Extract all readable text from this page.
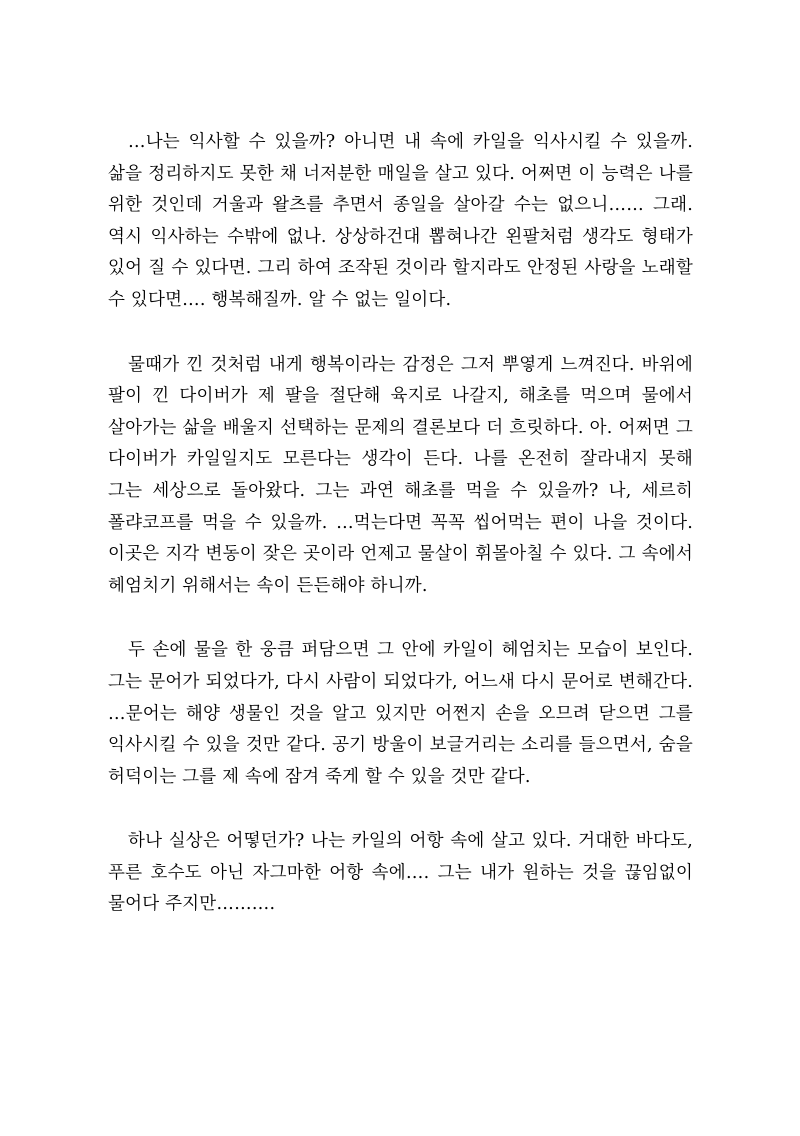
…나는 익사할 수 있을까? 아니면 내 속에 카일을 익사시킬 수 있을까. 삶을 정리하지도 못한 채 너저분한 매일을 살고 있다. 어쩌면 이 능력은 나를 위한 것인데 거울과 왈츠를 추면서 종일을 살아갈 수는 없으니…… 그래. 역시 익사하는 수밖에 없나. 상상하건대 뽑혀나간 왼팔처럼 생각도 형태가 있어 질 수 있다면. 그리 하여 조작된 것이라 할지라도 안정된 사랑을 노래할 수 있다면…. 행복해질까. 알 수 없는 일이다.

물때가 낀 것처럼 내게 행복이라는 감정은 그저 뿌옇게 느껴진다. 바위에 팔이 낀 다이버가 제 팔을 절단해 육지로 나갈지, 해초를 먹으며 물에서 살아가는 삶을 배울지 선택하는 문제의 결론보다 더 흐릿하다. 아. 어쩌면 그 다이버가 카일일지도 모른다는 생각이 든다. 나를 온전히 잘라내지 못해 그는 세상으로 돌아왔다. 그는 과연 해초를 먹을 수 있을까? 나, 세르히 폴랴코프를 먹을 수 있을까. …먹는다면 꼭꼭 씹어먹는 편이 나을 것이다. 이곳은 지각 변동이 잦은 곳이라 언제고 물살이 휘몰아칠 수 있다. 그 속에서 헤엄치기 위해서는 속이 든든해야 하니까.

두 손에 물을 한 웅큼 퍼담으면 그 안에 카일이 헤엄치는 모습이 보인다. 그는 문어가 되었다가, 다시 사람이 되었다가, 어느새 다시 문어로 변해간다. …문어는 해양 생물인 것을 알고 있지만 어쩐지 손을 오므려 닫으면 그를 익사시킬 수 있을 것만 같다. 공기 방울이 보글거리는 소리를 들으면서, 숨을 허덕이는 그를 제 속에 잠겨 죽게 할 수 있을 것만 같다.

하나 실상은 어떻던가? 나는 카일의 어항 속에 살고 있다. 거대한 바다도, 푸른 호수도 아닌 자그마한 어항 속에…. 그는 내가 원하는 것을 끊임없이 물어다 주지만……….
